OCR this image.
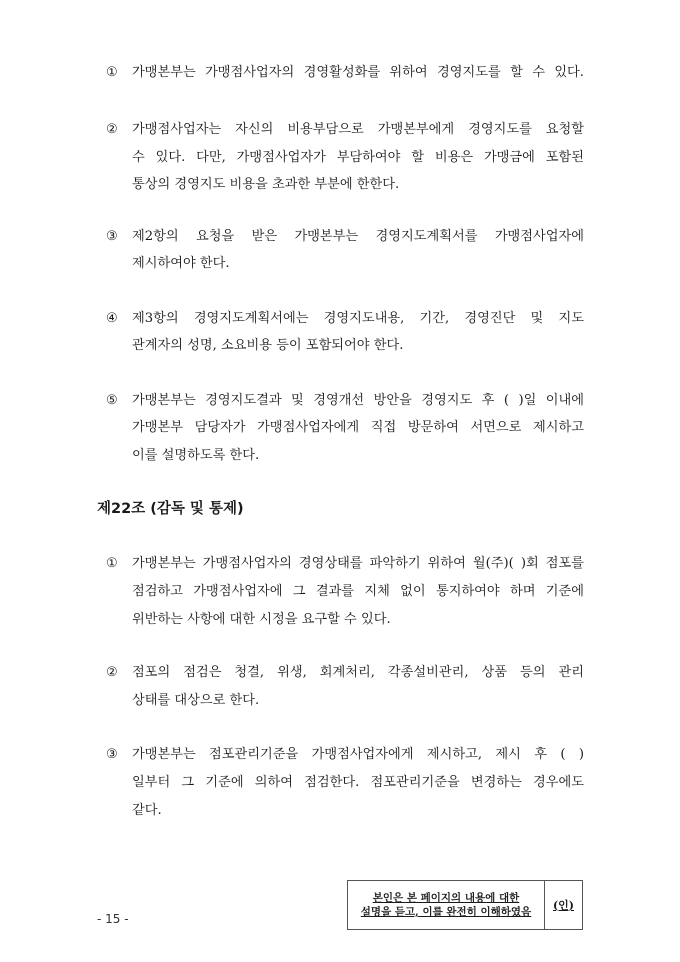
①	가맹본부는 가맹점사업자의 경영활성화를 위하여 경영지도를 할 수 있다.
②	가맹점사업자는 자신의 비용부담으로 가맹본부에게 경영지도를 요청할
수 있다. 다만, 가맹점사업자가 부담하여야 할 비용은 가맹금에 포함된
통상의 경영지도 비용을 초과한 부분에 한한다.
③	제2항의 요청을 받은 가맹본부는 경영지도계획서를 가맹점사업자에
제시하여야 한다.
④	제3항의 경영지도계획서에는 경영지도내용, 기간, 경영진단 및 지도
관계자의 성명, 소요비용 등이 포함되어야 한다.
⑤	가맹본부는 경영지도결과 및 경영개선 방안을 경영지도 후 ( )일 이내에
가맹본부 담당자가 가맹점사업자에게 직접 방문하여 서면으로 제시하고
이를 설명하도록 한다.
제22조 (감독 및 통제)
①	가맹본부는 가맹점사업자의 경영상태를 파악하기 위하여 월(주)( )회 점포를
점검하고 가맹점사업자에 그 결과를 지체 없이 통지하여야 하며 기준에
위반하는 사항에 대한 시정을 요구할 수 있다.
②	점포의 점검은 청결, 위생, 회계처리, 각종설비관리, 상품 등의 관리
상태를 대상으로 한다.
③	가맹본부는 점포관리기준을 가맹점사업자에게 제시하고, 제시 후 ( )
일부터 그 기준에 의하여 점검한다. 점포관리기준을 변경하는 경우에도
같다.
- 15 -
본인은 본 페이지의 내용에 대한
설명을 듣고, 이를 완전히 이해하였음 (인)
